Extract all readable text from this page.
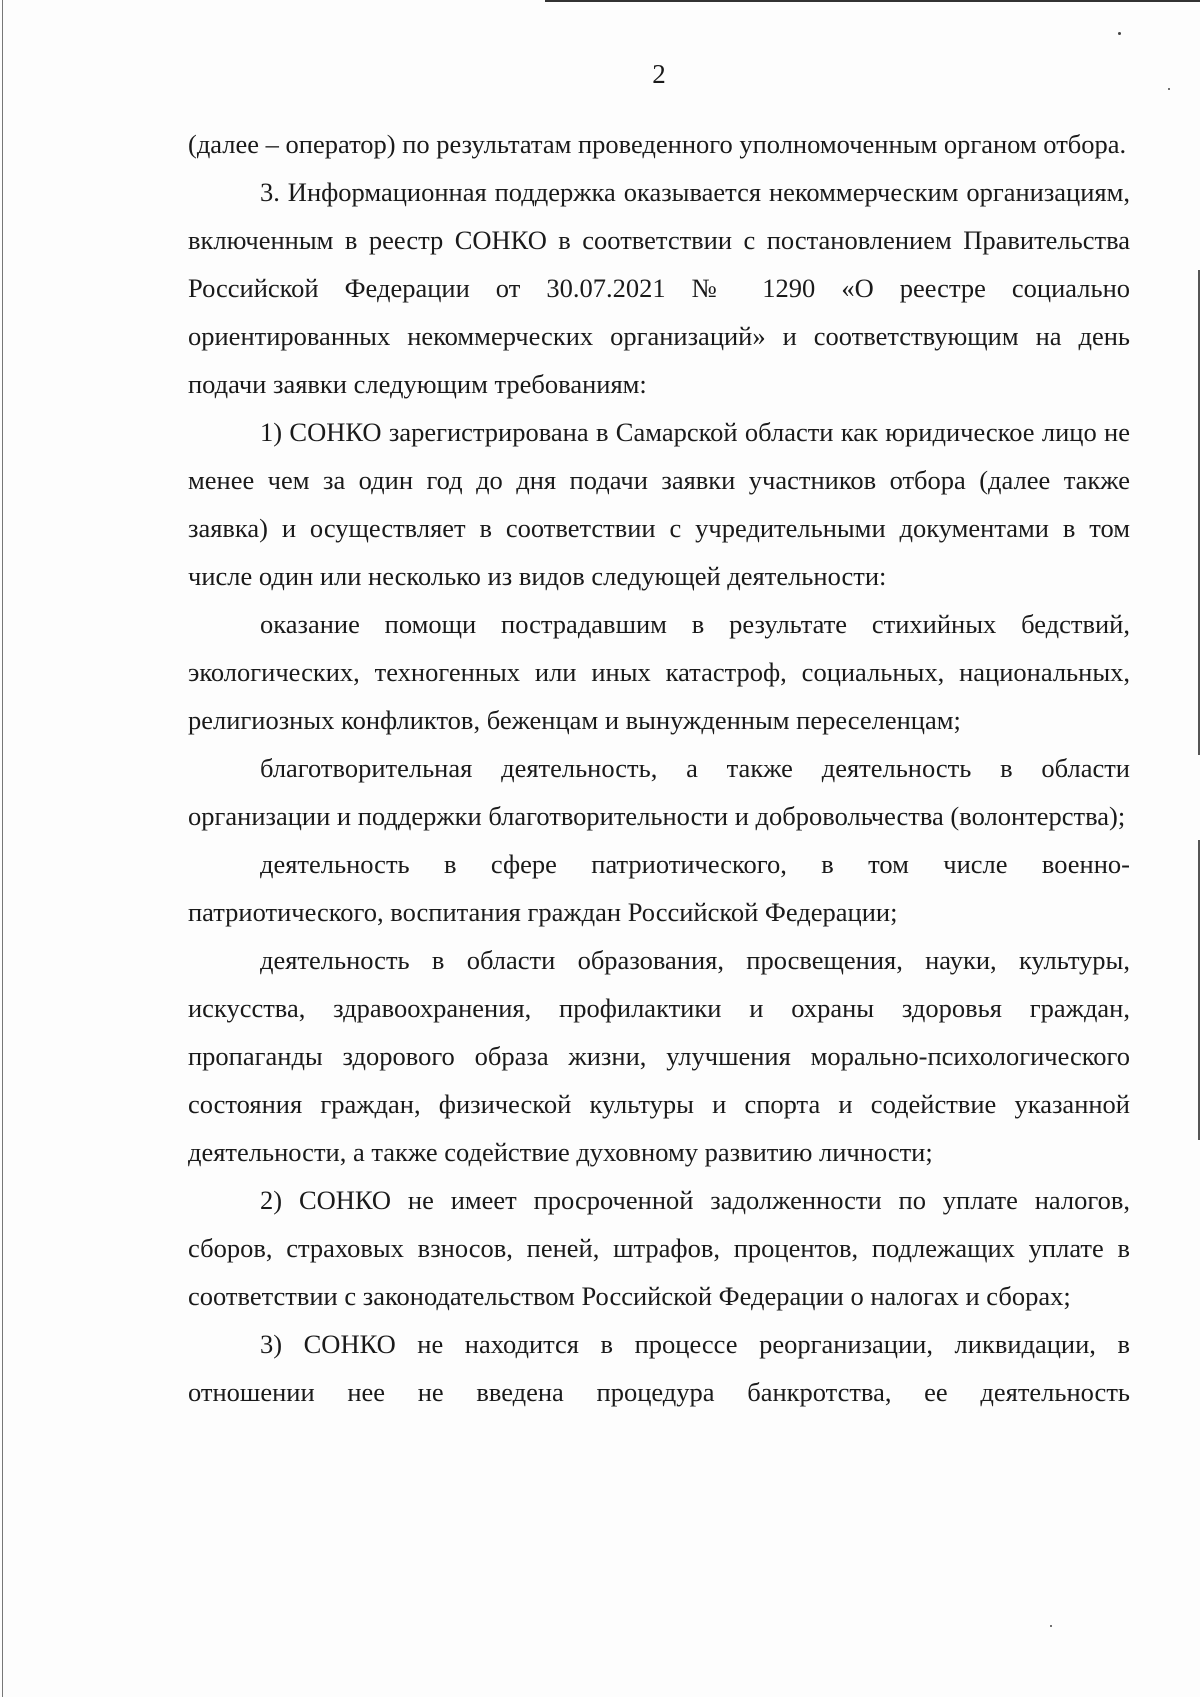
2

(далее – оператор) по результатам проведенного уполномоченным органом отбора.

3. Информационная поддержка оказывается некоммерческим организациям, включенным в реестр СОНКО в соответствии с постановлением Правительства Российской Федерации от 30.07.2021 № 1290 «О реестре социально ориентированных некоммерческих организаций» и соответствующим на день подачи заявки следующим требованиям:

1) СОНКО зарегистрирована в Самарской области как юридическое лицо не менее чем за один год до дня подачи заявки участников отбора (далее также заявка) и осуществляет в соответствии с учредительными документами в том числе один или несколько из видов следующей деятельности:

оказание помощи пострадавшим в результате стихийных бедствий, экологических, техногенных или иных катастроф, социальных, национальных, религиозных конфликтов, беженцам и вынужденным переселенцам;

благотворительная деятельность, а также деятельность в области организации и поддержки благотворительности и добровольчества (волонтерства);

деятельность в сфере патриотического, в том числе военно-патриотического, воспитания граждан Российской Федерации;

деятельность в области образования, просвещения, науки, культуры, искусства, здравоохранения, профилактики и охраны здоровья граждан, пропаганды здорового образа жизни, улучшения морально-психологического состояния граждан, физической культуры и спорта и содействие указанной деятельности, а также содействие духовному развитию личности;

2) СОНКО не имеет просроченной задолженности по уплате налогов, сборов, страховых взносов, пеней, штрафов, процентов, подлежащих уплате в соответствии с законодательством Российской Федерации о налогах и сборах;

3) СОНКО не находится в процессе реорганизации, ликвидации, в отношении нее не введена процедура банкротства, ее деятельность
